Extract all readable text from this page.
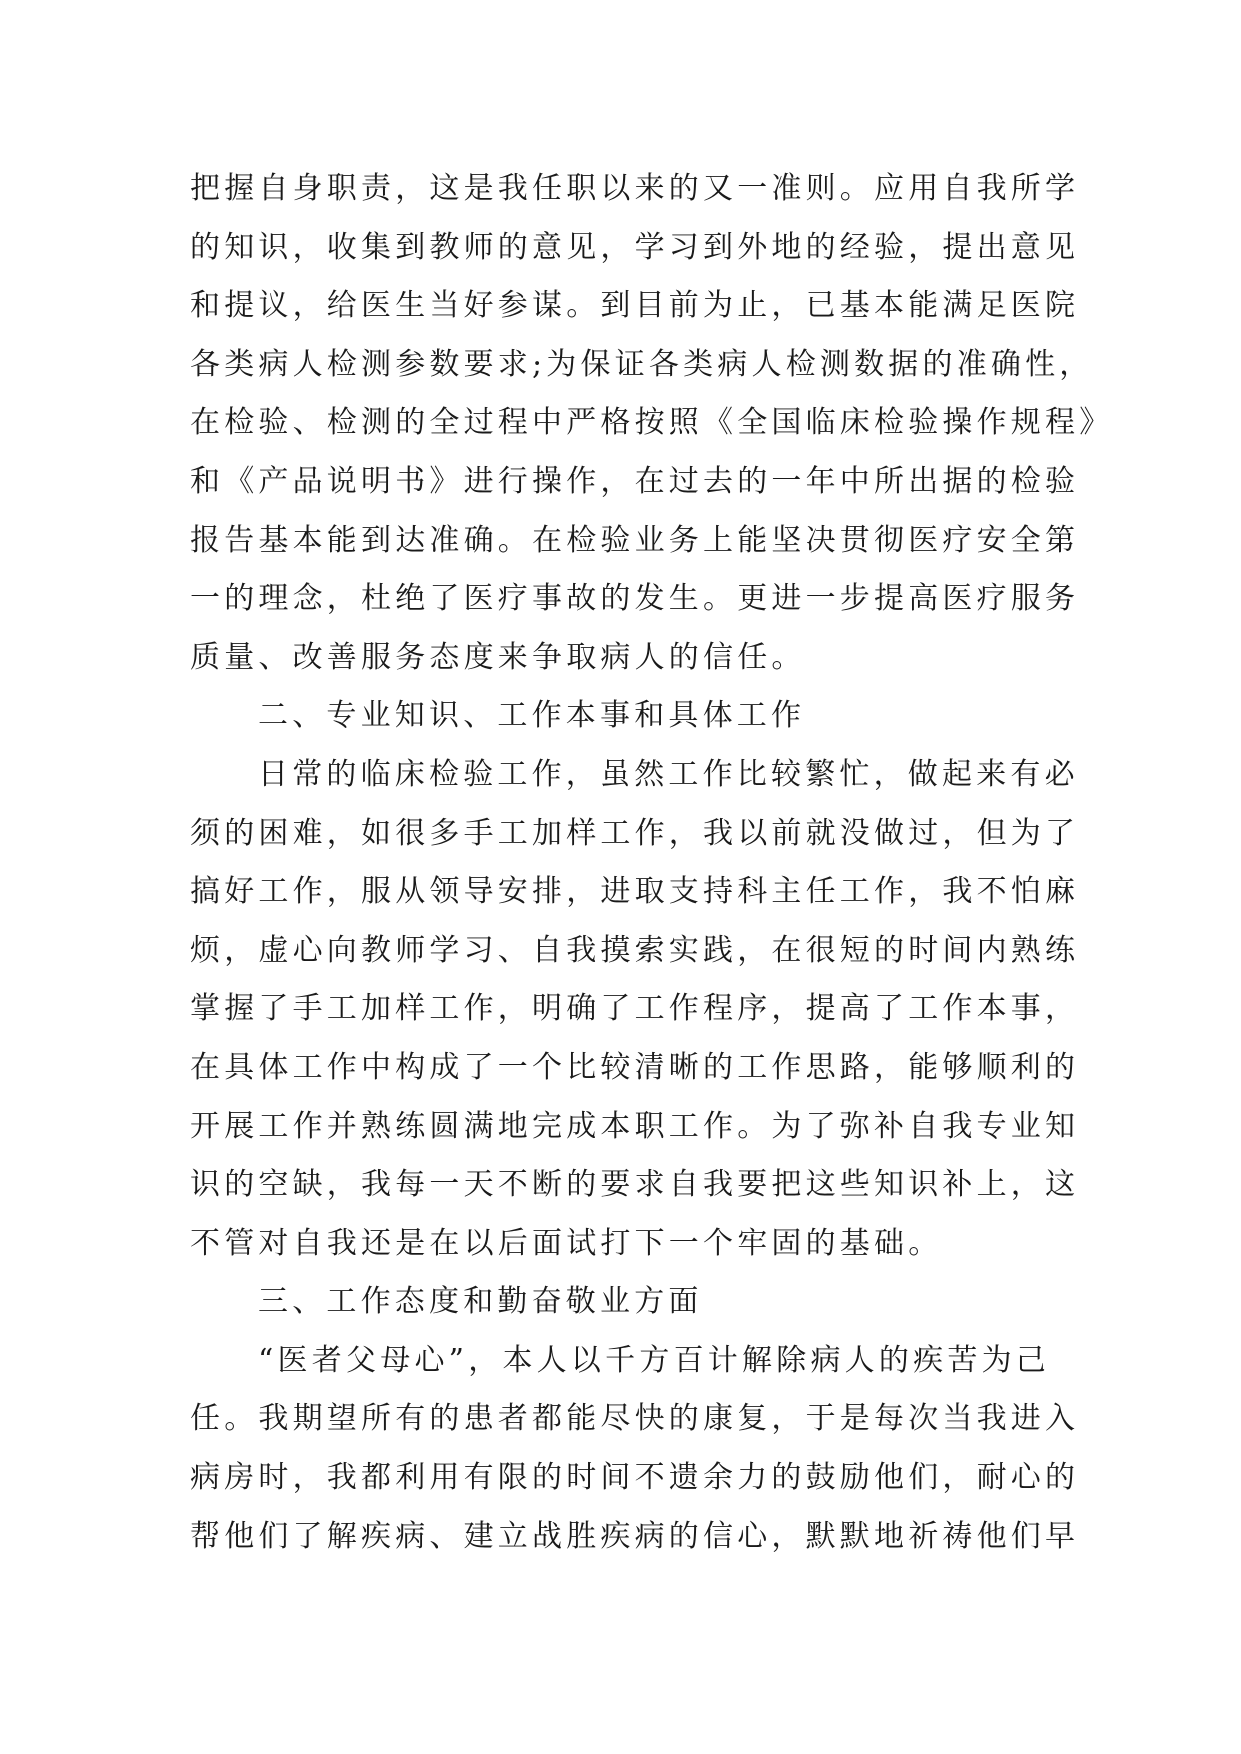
把握自身职责，这是我任职以来的又一准则。应用自我所学
的知识，收集到教师的意见，学习到外地的经验，提出意见
和提议，给医生当好参谋。到目前为止，已基本能满足医院
各类病人检测参数要求;为保证各类病人检测数据的准确性，
在检验、检测的全过程中严格按照《全国临床检验操作规程》
和《产品说明书》进行操作，在过去的一年中所出据的检验
报告基本能到达准确。在检验业务上能坚决贯彻医疗安全第
一的理念，杜绝了医疗事故的发生。更进一步提高医疗服务
质量、改善服务态度来争取病人的信任。
二、专业知识、工作本事和具体工作
日常的临床检验工作，虽然工作比较繁忙，做起来有必
须的困难，如很多手工加样工作，我以前就没做过，但为了
搞好工作，服从领导安排，进取支持科主任工作，我不怕麻
烦，虚心向教师学习、自我摸索实践，在很短的时间内熟练
掌握了手工加样工作，明确了工作程序，提高了工作本事，
在具体工作中构成了一个比较清晰的工作思路，能够顺利的
开展工作并熟练圆满地完成本职工作。为了弥补自我专业知
识的空缺，我每一天不断的要求自我要把这些知识补上，这
不管对自我还是在以后面试打下一个牢固的基础。
三、工作态度和勤奋敬业方面
“医者父母心”，本人以千方百计解除病人的疾苦为己
任。我期望所有的患者都能尽快的康复，于是每次当我进入
病房时，我都利用有限的时间不遗余力的鼓励他们，耐心的
帮他们了解疾病、建立战胜疾病的信心，默默地祈祷他们早
